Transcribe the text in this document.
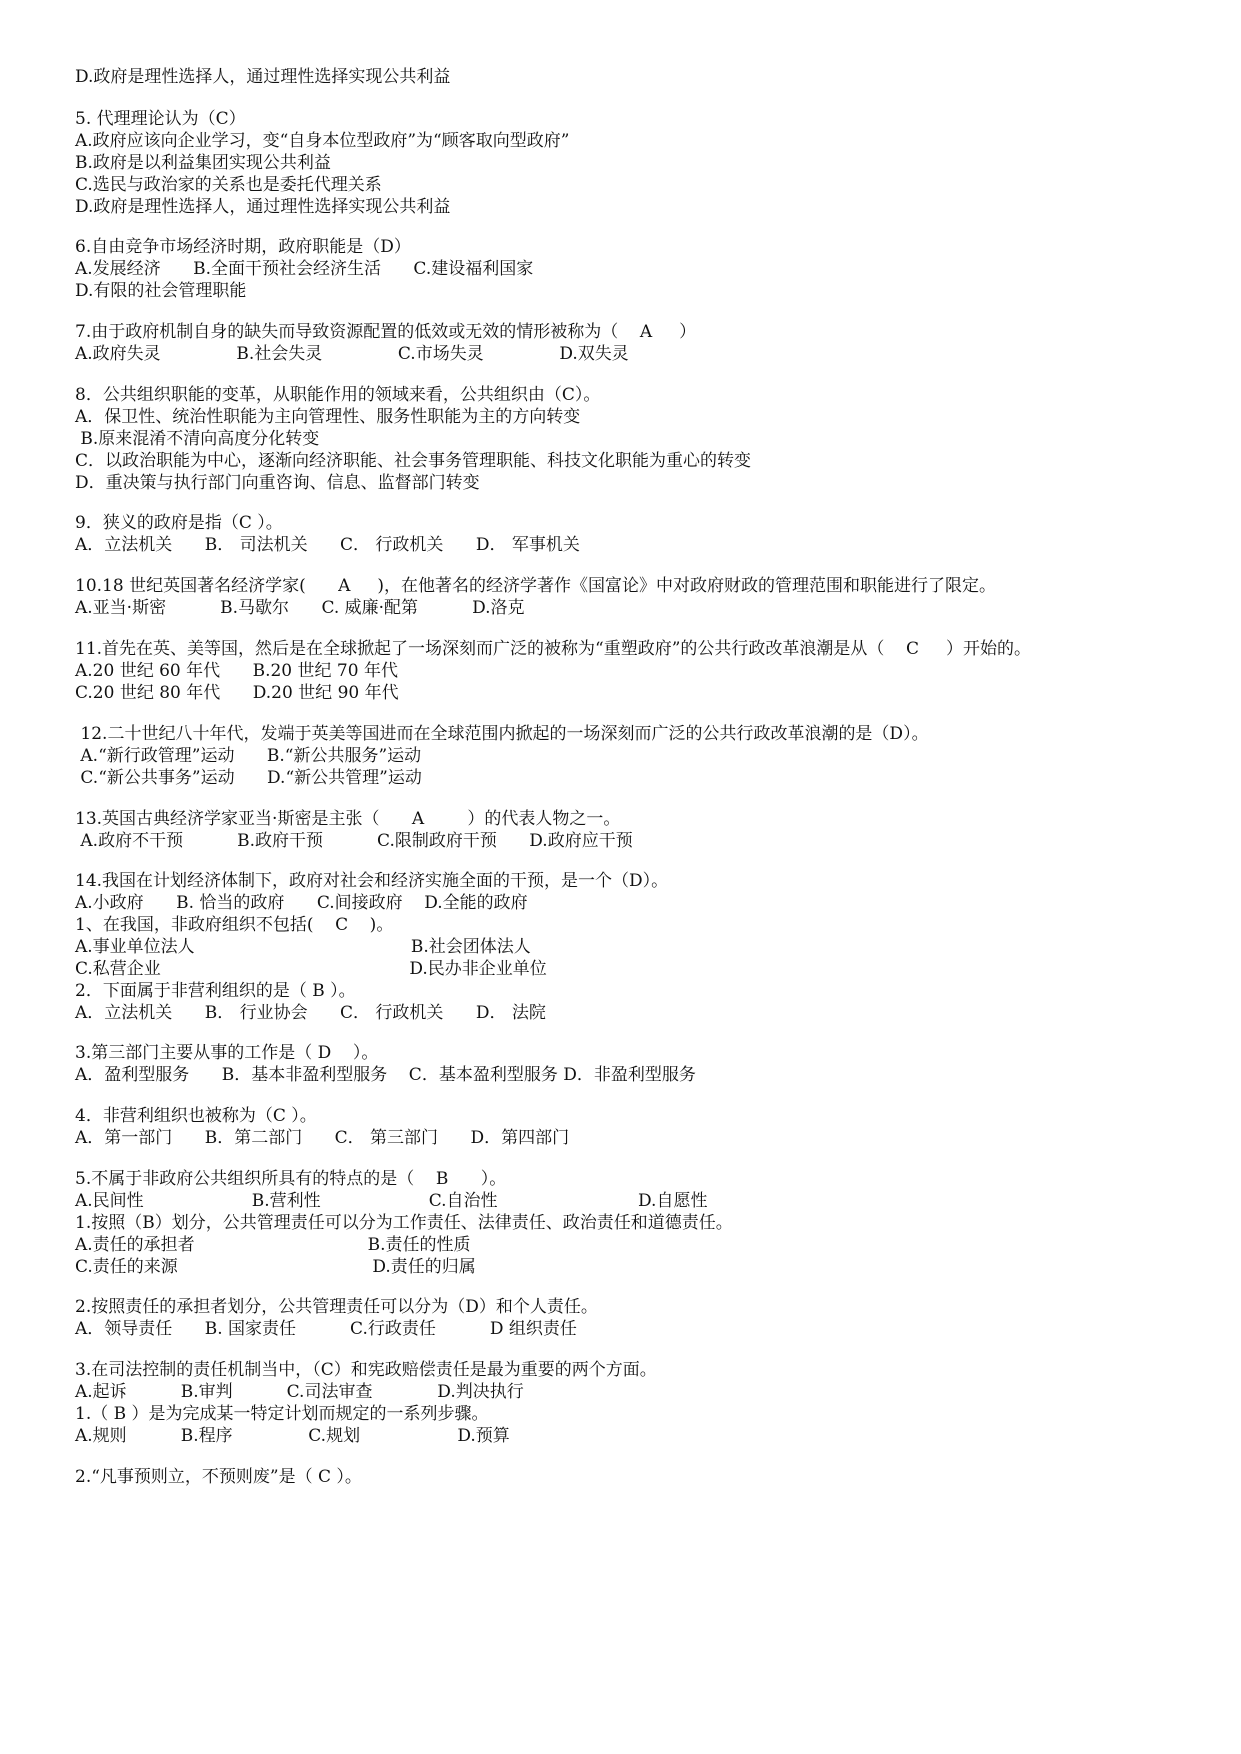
D.政府是理性选择人，通过理性选择实现公共利益
5. 代理理论认为（C）
A.政府应该向企业学习，变“自身本位型政府”为“顾客取向型政府”
B.政府是以利益集团实现公共利益
C.选民与政治家的关系也是委托代理关系
D.政府是理性选择人，通过理性选择实现公共利益
6.自由竞争市场经济时期，政府职能是（D）
A.发展经济      B.全面干预社会经济生活      C.建设福利国家
D.有限的社会管理职能
7.由于政府机制自身的缺失而导致资源配置的低效或无效的情形被称为（    A     ）
A.政府失灵              B.社会失灵              C.市场失灵              D.双失灵
8．公共组织职能的变革，从职能作用的领域来看，公共组织由（C）。
A．保卫性、统治性职能为主向管理性、服务性职能为主的方向转变
B.原来混淆不清向高度分化转变
C．以政治职能为中心，逐渐向经济职能、社会事务管理职能、科技文化职能为重心的转变
D．重决策与执行部门向重咨询、信息、监督部门转变
9．狭义的政府是指（C ）。
A．立法机关      B． 司法机关      C． 行政机关      D． 军事机关
10.18 世纪英国著名经济学家(      A     )，在他著名的经济学著作《国富论》中对政府财政的管理范围和职能进行了限定。
A.亚当·斯密          B.马歇尔      C. 威廉·配第          D.洛克
11.首先在英、美等国，然后是在全球掀起了一场深刻而广泛的被称为“重塑政府”的公共行政改革浪潮是从（    C     ）开始的。
A.20 世纪 60 年代      B.20 世纪 70 年代
C.20 世纪 80 年代      D.20 世纪 90 年代
12.二十世纪八十年代，发端于英美等国进而在全球范围内掀起的一场深刻而广泛的公共行政改革浪潮的是（D）。
A.“新行政管理”运动      B.“新公共服务”运动
C.“新公共事务”运动      D.“新公共管理”运动
13.英国古典经济学家亚当·斯密是主张（      A        ）的代表人物之一。
A.政府不干预          B.政府干预          C.限制政府干预      D.政府应干预
14.我国在计划经济体制下，政府对社会和经济实施全面的干预，是一个（D）。
A.小政府      B. 恰当的政府      C.间接政府    D.全能的政府
1、在我国，非政府组织不包括(    C    )。
A.事业单位法人                                        B.社会团体法人
C.私营企业                                              D.民办非企业单位
2．下面属于非营利组织的是（ B ）。
A．立法机关      B． 行业协会      C． 行政机关      D． 法院
3.第三部门主要从事的工作是（ D    ）。
A．盈利型服务      B．基本非盈利型服务    C．基本盈利型服务 D．非盈利型服务
4．非营利组织也被称为（C ）。
A．第一部门      B．第二部门      C． 第三部门      D．第四部门
5.不属于非政府公共组织所具有的特点的是（    B      ）。
A.民间性                    B.营利性                    C.自治性                          D.自愿性
1.按照（B）划分，公共管理责任可以分为工作责任、法律责任、政治责任和道德责任。
A.责任的承担者                                B.责任的性质
C.责任的来源                                    D.责任的归属
2.按照责任的承担者划分，公共管理责任可以分为（D）和个人责任。
A．领导责任      B. 国家责任          C.行政责任          D 组织责任
3.在司法控制的责任机制当中，（C）和宪政赔偿责任是最为重要的两个方面。
A.起诉          B.审判          C.司法审查            D.判决执行
1.（ B ）是为完成某一特定计划而规定的一系列步骤。
A.规则          B.程序              C.规划                  D.预算
2.“凡事预则立，不预则废”是（ C ）。
